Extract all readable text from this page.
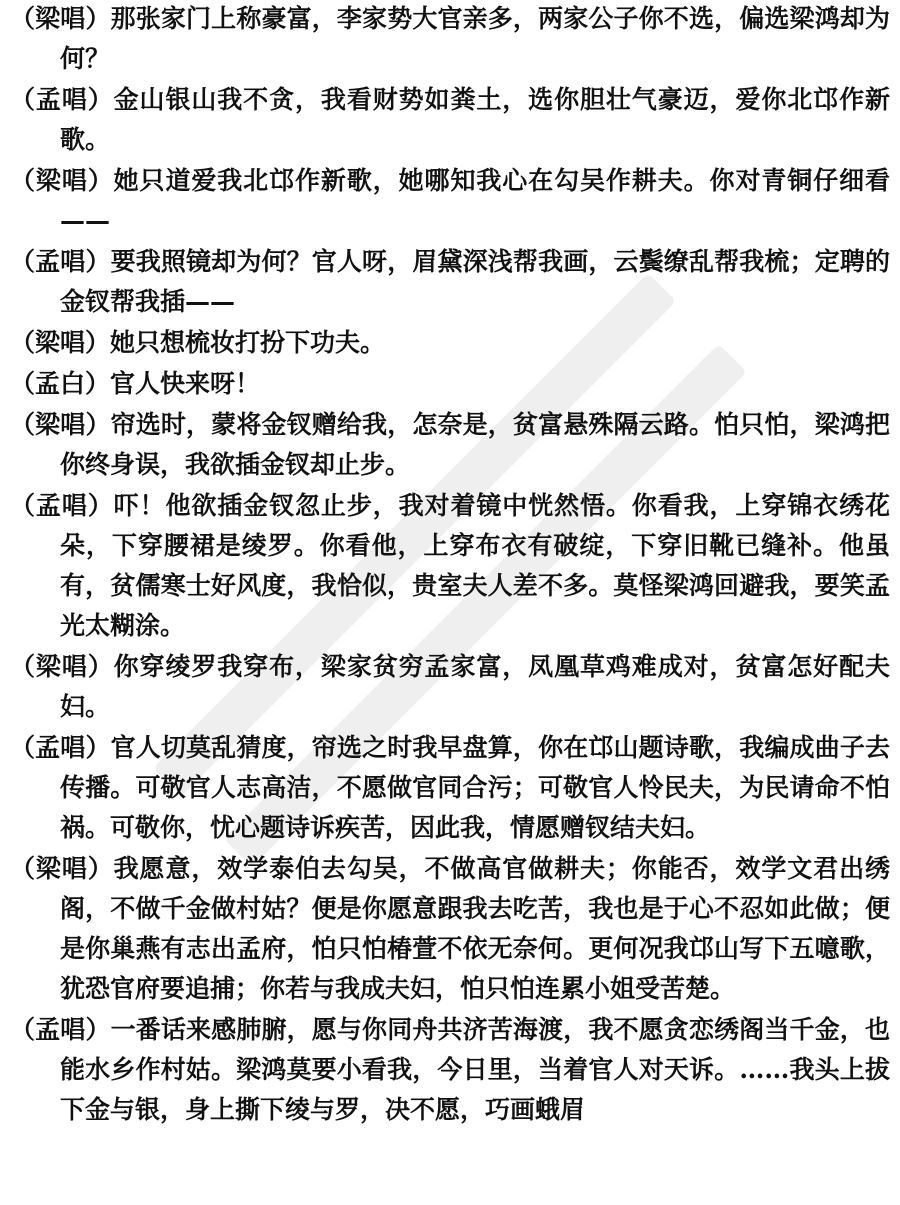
（梁唱）那张家门上称豪富，李家势大官亲多，两家公子你不选，偏选梁鸿却为何？
（孟唱）金山银山我不贪，我看财势如粪土，选你胆壮气豪迈，爱你北邙作新歌。
（梁唱）她只道爱我北邙作新歌，她哪知我心在勾吴作耕夫。你对青铜仔细看——
（孟唱）要我照镜却为何？官人呀，眉黛深浅帮我画，云鬓缭乱帮我梳；定聘的金钗帮我插——
（梁唱）她只想梳妆打扮下功夫。
（孟白）官人快来呀！
（梁唱）帘选时，蒙将金钗赠给我，怎奈是，贫富悬殊隔云路。怕只怕，梁鸿把你终身误，我欲插金钗却止步。
（孟唱）吓！他欲插金钗忽止步，我对着镜中恍然悟。你看我，上穿锦衣绣花朵，下穿腰裙是绫罗。你看他，上穿布衣有破绽，下穿旧靴已缝补。他虽有，贫儒寒士好风度，我恰似，贵室夫人差不多。莫怪梁鸿回避我，要笑孟光太糊涂。
（梁唱）你穿绫罗我穿布，梁家贫穷孟家富，凤凰草鸡难成对，贫富怎好配夫妇。
（孟唱）官人切莫乱猜度，帘选之时我早盘算，你在邙山题诗歌，我编成曲子去传播。可敬官人志高洁，不愿做官同合污；可敬官人怜民夫，为民请命不怕祸。可敬你，忧心题诗诉疾苦，因此我，情愿赠钗结夫妇。
（梁唱）我愿意，效学泰伯去勾吴，不做高官做耕夫；你能否，效学文君出绣阁，不做千金做村姑？便是你愿意跟我去吃苦，我也是于心不忍如此做；便是你巢燕有志出孟府，怕只怕椿萱不依无奈何。更何况我邙山写下五噫歌，犹恐官府要追捕；你若与我成夫妇，怕只怕连累小姐受苦楚。
（孟唱）一番话来感肺腑，愿与你同舟共济苦海渡，我不愿贪恋绣阁当千金，也能水乡作村姑。梁鸿莫要小看我，今日里，当着官人对天诉。……我头上拔下金与银，身上撕下绫与罗，决不愿，巧画蛾眉
